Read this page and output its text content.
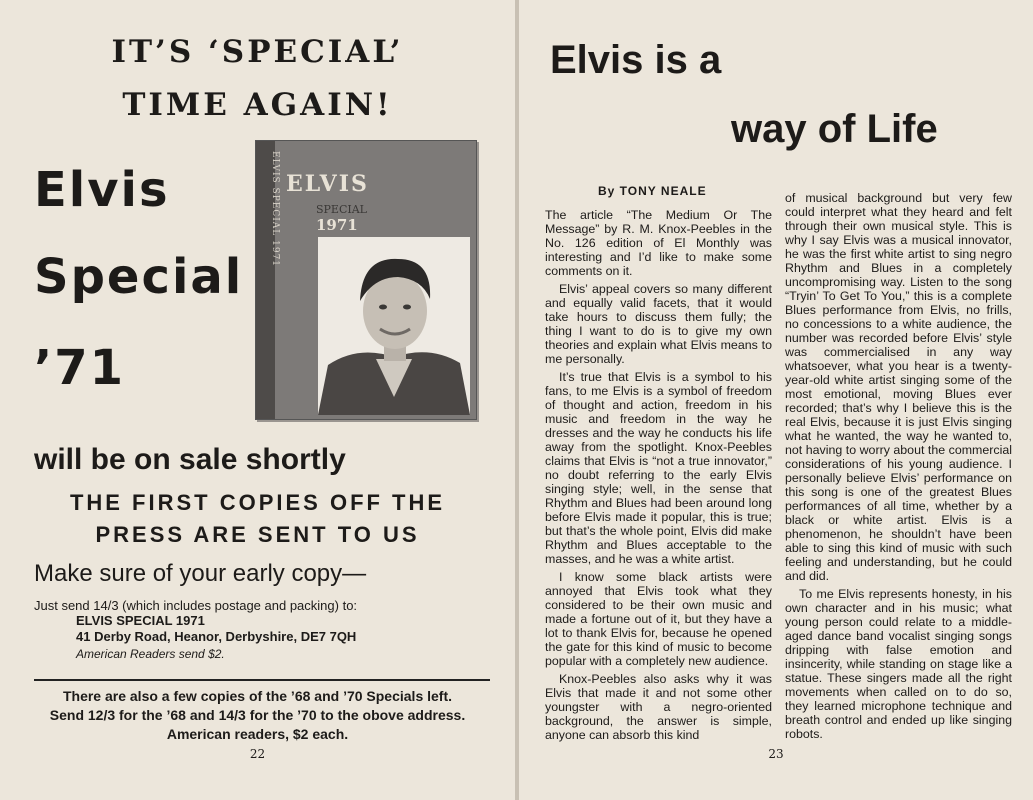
IT’S ‘SPECIAL’
TIME AGAIN!
Elvis
Special
’71
ELVIS SPECIAL 1971 ELVIS
SPECIAL
1971
will be on sale shortly
THE FIRST COPIES OFF THE
PRESS ARE SENT TO US
Make sure of your early copy—
Just send 14/3 (which includes postage and packing) to:
ELVIS SPECIAL 1971
41 Derby Road, Heanor, Derbyshire, DE7 7QH
American Readers send $2.
There are also a few copies of the ’68 and ’70 Specials left.
Send 12/3 for the ’68 and 14/3 for the ’70 to the obove address.
American readers, $2 each.
22
Elvis is a
way of Life
By TONY NEALE

The article “The Medium Or The Message” by R. M. Knox-Peebles in the No. 126 edition of El Monthly was interesting and I’d like to make some comments on it.

Elvis’ appeal covers so many different and equally valid facets, that it would take hours to discuss them fully; the thing I want to do is to give my own theories and explain what Elvis means to me personally.

It’s true that Elvis is a symbol to his fans, to me Elvis is a symbol of freedom of thought and action, freedom in his music and freedom in the way he dresses and the way he conducts his life away from the spotlight. Knox-Peebles claims that Elvis is “not a true innovator,” no doubt referring to the early Elvis singing style; well, in the sense that Rhythm and Blues had been around long before Elvis made it popular, this is true; but that’s the whole point, Elvis did make Rhythm and Blues acceptable to the masses, and he was a white artist.

I know some black artists were annoyed that Elvis took what they considered to be their own music and made a fortune out of it, but they have a lot to thank Elvis for, because he opened the gate for this kind of music to become popular with a completely new audience.

Knox-Peebles also asks why it was Elvis that made it and not some other youngster with a negro-oriented background, the answer is simple, anyone can absorb this kind

of musical background but very few could interpret what they heard and felt through their own musical style. This is why I say Elvis was a musical innovator, he was the first white artist to sing negro Rhythm and Blues in a completely uncompromising way. Listen to the song “Tryin’ To Get To You,” this is a complete Blues performance from Elvis, no frills, no concessions to a white audience, the number was recorded before Elvis’ style was commercialised in any way whatsoever, what you hear is a twenty-year-old white artist singing some of the most emotional, moving Blues ever recorded; that’s why I believe this is the real Elvis, because it is just Elvis singing what he wanted, the way he wanted to, not having to worry about the commercial considerations of his young audience. I personally believe Elvis’ performance on this song is one of the greatest Blues performances of all time, whether by a black or white artist. Elvis is a phenomenon, he shouldn’t have been able to sing this kind of music with such feeling and understanding, but he could and did.

To me Elvis represents honesty, in his own character and in his music; what young person could relate to a middle-aged dance band vocalist singing songs dripping with false emotion and insincerity, while standing on stage like a statue. These singers made all the right movements when called on to do so, they learned microphone technique and breath control and ended up like singing robots.

23
